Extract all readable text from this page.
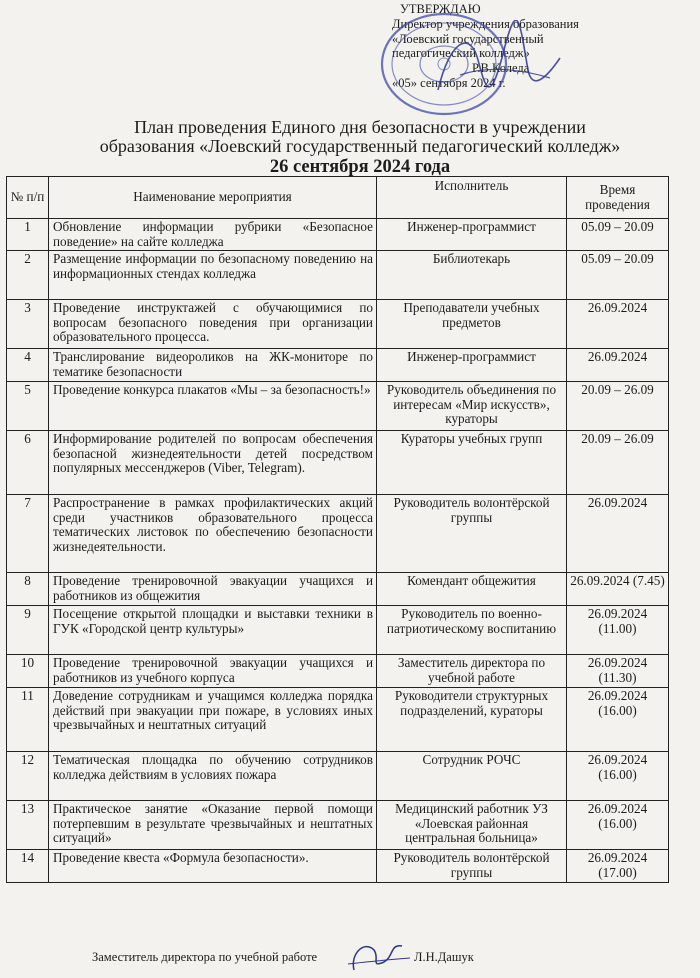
УТВЕРЖДАЮ
Директор учреждения образования
«Лоевский государственный
педагогический колледж»
Р.В.Коледа
«05» сентября 2024 г.
План проведения Единого дня безопасности в учреждении
образования «Лоевский государственный педагогический колледж»
26 сентября 2024 года
№ п/п	Наименование мероприятия	Исполнитель	Время проведения
1	Обновление информации рубрики «Безопасное поведение» на сайте колледжа	Инженер-программист	05.09 – 20.09
2	Размещение информации по безопасному поведению на информационных стендах колледжа	Библиотекарь	05.09 – 20.09
3	Проведение инструктажей с обучающимися по вопросам безопасного поведения при организации образовательного процесса.	Преподаватели учебных предметов	26.09.2024
4	Транслирование видеороликов на ЖК-мониторе по тематике безопасности	Инженер-программист	26.09.2024
5	Проведение конкурса плакатов «Мы – за безопасность!»	Руководитель объединения по интересам «Мир искусств», кураторы	20.09 – 26.09
6	Информирование родителей по вопросам обеспечения безопасной жизнедеятельности детей посредством популярных мессенджеров (Viber, Telegram).	Кураторы учебных групп	20.09 – 26.09
7	Распространение в рамках профилактических акций среди участников образовательного процесса тематических листовок по обеспечению безопасности жизнедеятельности.	Руководитель волонтёрской группы	26.09.2024
8	Проведение тренировочной эвакуации учащихся и работников из общежития	Комендант общежития	26.09.2024 (7.45)
9	Посещение открытой площадки и выставки техники в ГУК «Городской центр культуры»	Руководитель по военно-патриотическому воспитанию	26.09.2024 (11.00)
10	Проведение тренировочной эвакуации учащихся и работников из учебного корпуса	Заместитель директора по учебной работе	26.09.2024 (11.30)
11	Доведение сотрудникам и учащимся колледжа порядка действий при эвакуации при пожаре, в условиях иных чрезвычайных и нештатных ситуаций	Руководители структурных подразделений, кураторы	26.09.2024 (16.00)
12	Тематическая площадка по обучению сотрудников колледжа действиям в условиях пожара	Сотрудник РОЧС	26.09.2024 (16.00)
13	Практическое занятие «Оказание первой помощи потерпевшим в результате чрезвычайных и нештатных ситуаций»	Медицинский работник УЗ «Лоевская районная центральная больница»	26.09.2024 (16.00)
14	Проведение квеста «Формула безопасности».	Руководитель волонтёрской группы	26.09.2024 (17.00)
Заместитель директора по учебной работе	Л.Н.Дашук
